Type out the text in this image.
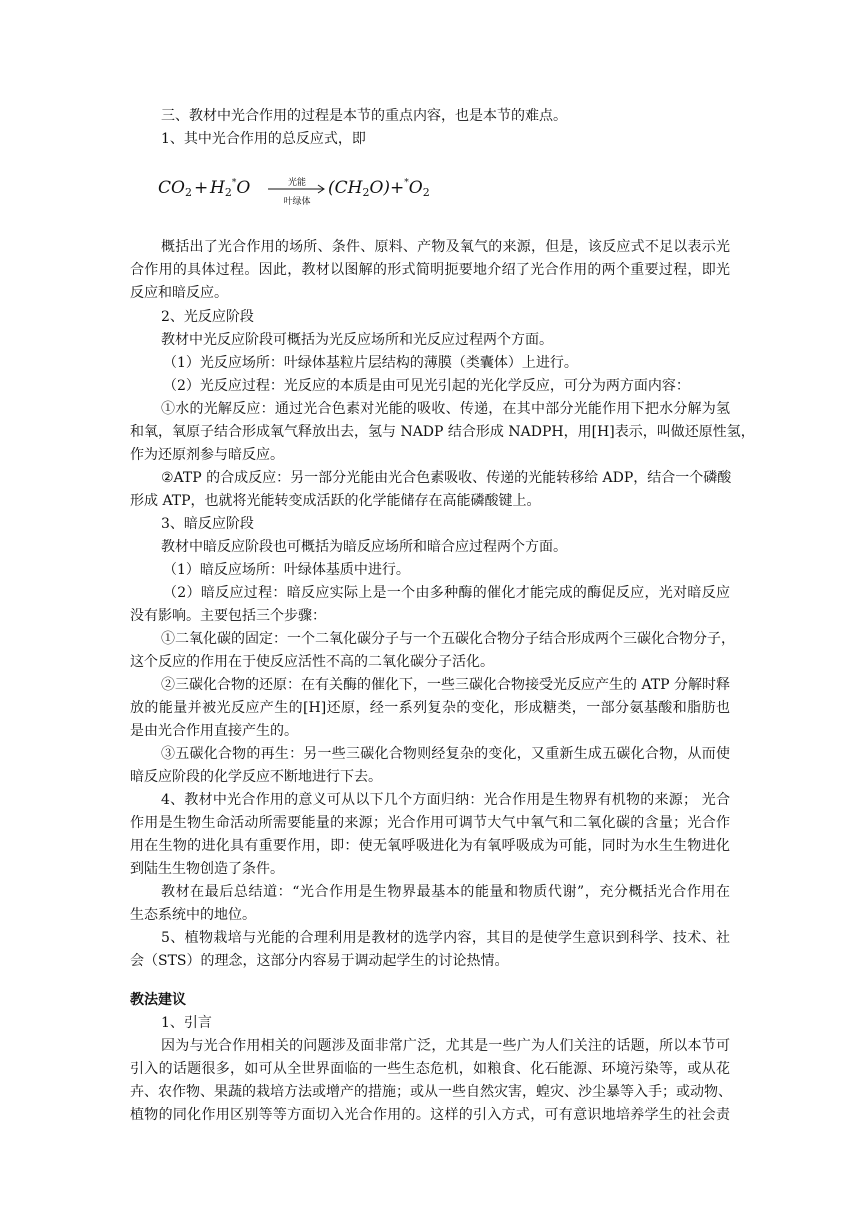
三、教材中光合作用的过程是本节的重点内容，也是本节的难点。
1、其中光合作用的总反应式，即
$CO_2 + H_2^*O$	光能
叶绿体
$(CH_2O)+^*O_2$
概括出了光合作用的场所、条件、原料、产物及氧气的来源，但是，该反应式不足以表示光
合作用的具体过程。因此，教材以图解的形式简明扼要地介绍了光合作用的两个重要过程，即光
反应和暗反应。
2、光反应阶段
教材中光反应阶段可概括为光反应场所和光反应过程两个方面。
（1）光反应场所：叶绿体基粒片层结构的薄膜（类囊体）上进行。
（2）光反应过程：光反应的本质是由可见光引起的光化学反应，可分为两方面内容：
①水的光解反应：通过光合色素对光能的吸收、传递，在其中部分光能作用下把水分解为氢
和氧，氧原子结合形成氧气释放出去，氢与 NADP 结合形成 NADPH，用[H]表示，叫做还原性氢，
作为还原剂参与暗反应。
②ATP 的合成反应：另一部分光能由光合色素吸收、传递的光能转移给 ADP，结合一个磷酸
形成 ATP，也就将光能转变成活跃的化学能储存在高能磷酸键上。
3、暗反应阶段
教材中暗反应阶段也可概括为暗反应场所和暗合应过程两个方面。
（1）暗反应场所：叶绿体基质中进行。
（2）暗反应过程：暗反应实际上是一个由多种酶的催化才能完成的酶促反应，光对暗反应
没有影响。主要包括三个步骤：
①二氧化碳的固定：一个二氧化碳分子与一个五碳化合物分子结合形成两个三碳化合物分子，
这个反应的作用在于使反应活性不高的二氧化碳分子活化。
②三碳化合物的还原：在有关酶的催化下，一些三碳化合物接受光反应产生的 ATP 分解时释
放的能量并被光反应产生的[H]还原，经一系列复杂的变化，形成糖类，一部分氨基酸和脂肪也
是由光合作用直接产生的。
③五碳化合物的再生：另一些三碳化合物则经复杂的变化，又重新生成五碳化合物，从而使
暗反应阶段的化学反应不断地进行下去。
4、教材中光合作用的意义可从以下几个方面归纳：光合作用是生物界有机物的来源； 光合
作用是生物生命活动所需要能量的来源；光合作用可调节大气中氧气和二氧化碳的含量；光合作
用在生物的进化具有重要作用，即：使无氧呼吸进化为有氧呼吸成为可能，同时为水生生物进化
到陆生生物创造了条件。
教材在最后总结道：“光合作用是生物界最基本的能量和物质代谢”，充分概括光合作用在
生态系统中的地位。
5、植物栽培与光能的合理利用是教材的选学内容，其目的是使学生意识到科学、技术、社
会（STS）的理念，这部分内容易于调动起学生的讨论热情。
教法建议
1、引言
因为与光合作用相关的问题涉及面非常广泛，尤其是一些广为人们关注的话题，所以本节可
引入的话题很多，如可从全世界面临的一些生态危机，如粮食、化石能源、环境污染等，或从花
卉、农作物、果蔬的栽培方法或增产的措施；或从一些自然灾害，蝗灾、沙尘暴等入手；或动物、
植物的同化作用区别等等方面切入光合作用的。这样的引入方式，可有意识地培养学生的社会责
